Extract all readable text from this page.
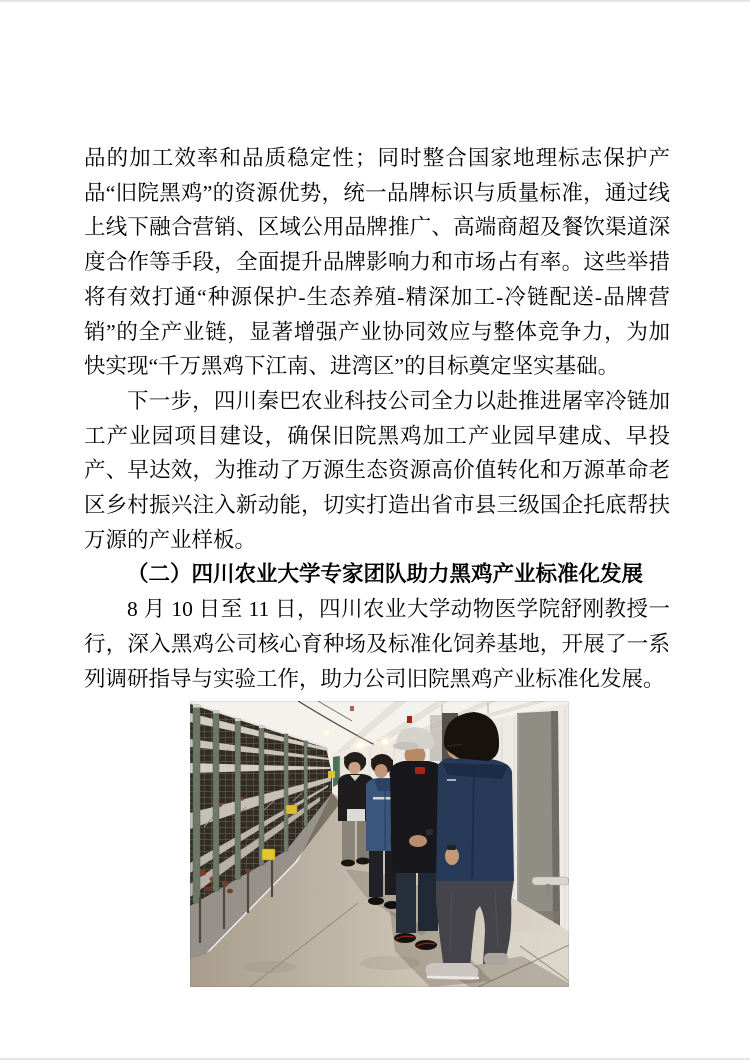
品的加工效率和品质稳定性；同时整合国家地理标志保护产品“旧院黑鸡”的资源优势，统一品牌标识与质量标准，通过线上线下融合营销、区域公用品牌推广、高端商超及餐饮渠道深度合作等手段，全面提升品牌影响力和市场占有率。这些举措将有效打通“种源保护-生态养殖-精深加工-冷链配送-品牌营销”的全产业链，显著增强产业协同效应与整体竞争力，为加快实现“千万黑鸡下江南、进湾区”的目标奠定坚实基础。

下一步，四川秦巴农业科技公司全力以赴推进屠宰冷链加工产业园项目建设，确保旧院黑鸡加工产业园早建成、早投产、早达效，为推动了万源生态资源高价值转化和万源革命老区乡村振兴注入新动能，切实打造出省市县三级国企托底帮扶万源的产业样板。

（二）四川农业大学专家团队助力黑鸡产业标准化发展

8 月 10 日至 11 日，四川农业大学动物医学院舒刚教授一行，深入黑鸡公司核心育种场及标准化饲养基地，开展了一系列调研指导与实验工作，助力公司旧院黑鸡产业标准化发展。
